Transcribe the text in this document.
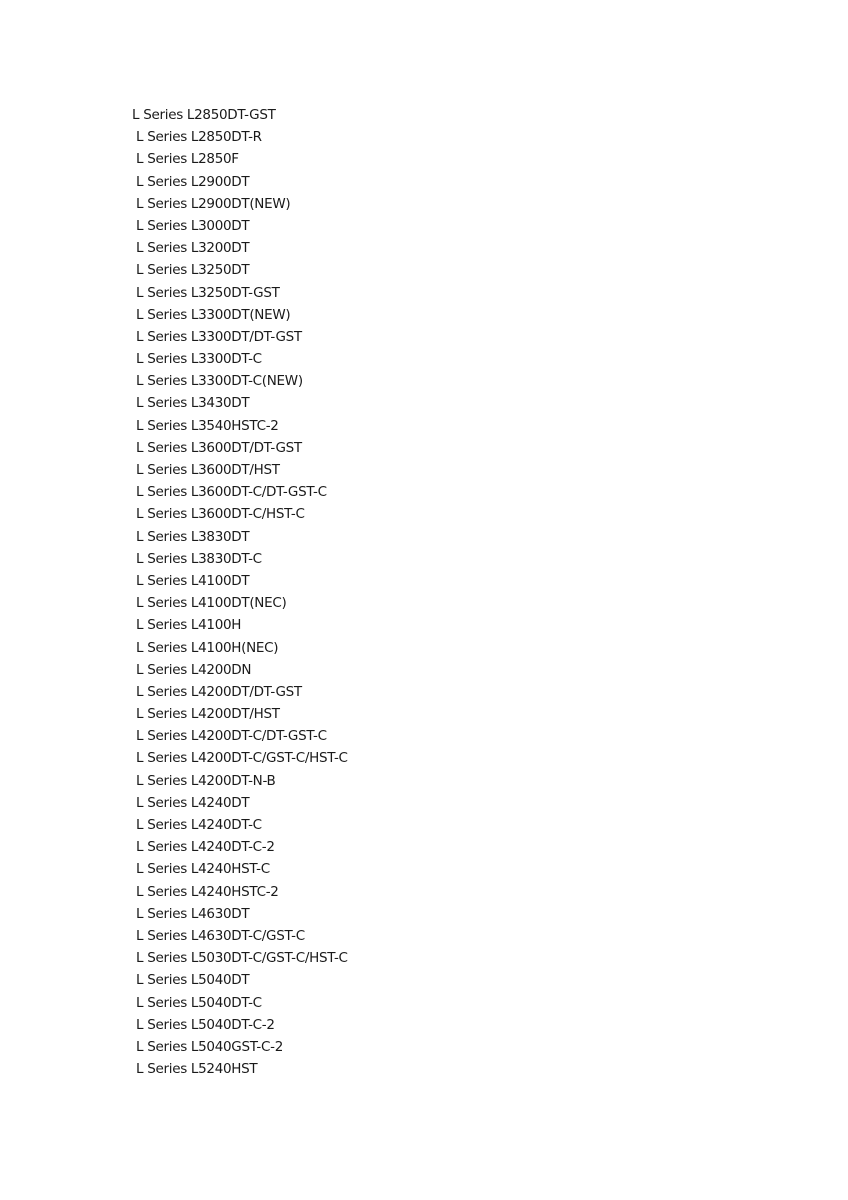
L Series L2850DT-GST
L Series L2850DT-R
L Series L2850F
L Series L2900DT
L Series L2900DT(NEW)
L Series L3000DT
L Series L3200DT
L Series L3250DT
L Series L3250DT-GST
L Series L3300DT(NEW)
L Series L3300DT/DT-GST
L Series L3300DT-C
L Series L3300DT-C(NEW)
L Series L3430DT
L Series L3540HSTC-2
L Series L3600DT/DT-GST
L Series L3600DT/HST
L Series L3600DT-C/DT-GST-C
L Series L3600DT-C/HST-C
L Series L3830DT
L Series L3830DT-C
L Series L4100DT
L Series L4100DT(NEC)
L Series L4100H
L Series L4100H(NEC)
L Series L4200DN
L Series L4200DT/DT-GST
L Series L4200DT/HST
L Series L4200DT-C/DT-GST-C
L Series L4200DT-C/GST-C/HST-C
L Series L4200DT-N-B
L Series L4240DT
L Series L4240DT-C
L Series L4240DT-C-2
L Series L4240HST-C
L Series L4240HSTC-2
L Series L4630DT
L Series L4630DT-C/GST-C
L Series L5030DT-C/GST-C/HST-C
L Series L5040DT
L Series L5040DT-C
L Series L5040DT-C-2
L Series L5040GST-C-2
L Series L5240HST
